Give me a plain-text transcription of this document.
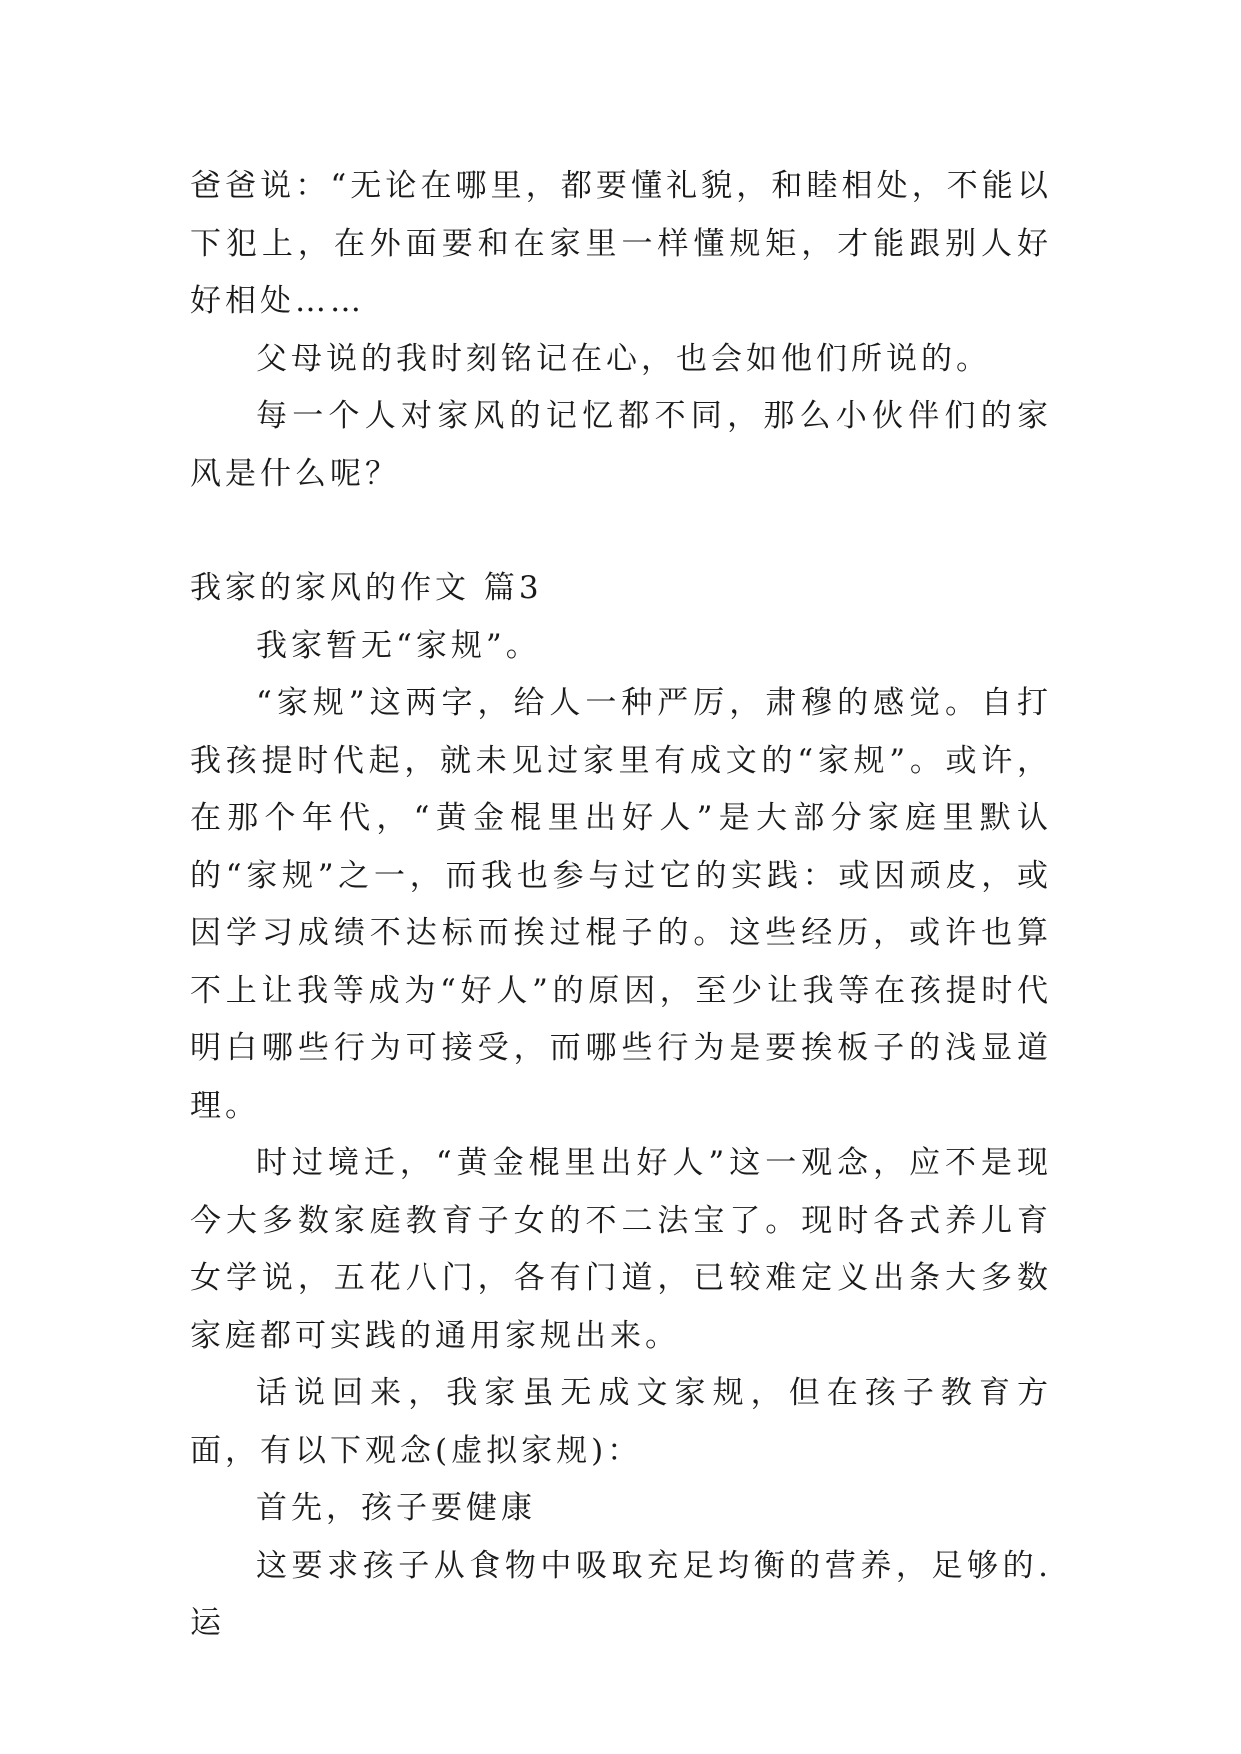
爸爸说：“无论在哪里，都要懂礼貌，和睦相处，不能以下犯上，在外面要和在家里一样懂规矩，才能跟别人好好相处……

父母说的我时刻铭记在心，也会如他们所说的。

每一个人对家风的记忆都不同，那么小伙伴们的家风是什么呢？

我家的家风的作文 篇3

我家暂无“家规”。

“家规”这两字，给人一种严厉，肃穆的感觉。自打我孩提时代起，就未见过家里有成文的“家规”。或许，在那个年代，“黄金棍里出好人”是大部分家庭里默认的“家规”之一，而我也参与过它的实践：或因顽皮，或因学习成绩不达标而挨过棍子的。这些经历，或许也算不上让我等成为“好人”的原因，至少让我等在孩提时代明白哪些行为可接受，而哪些行为是要挨板子的浅显道理。

时过境迁，“黄金棍里出好人”这一观念，应不是现今大多数家庭教育子女的不二法宝了。现时各式养儿育女学说，五花八门，各有门道，已较难定义出条大多数家庭都可实践的通用家规出来。

话说回来，我家虽无成文家规，但在孩子教育方面，有以下观念(虚拟家规)：

首先，孩子要健康

这要求孩子从食物中吸取充足均衡的营养，足够的.运
